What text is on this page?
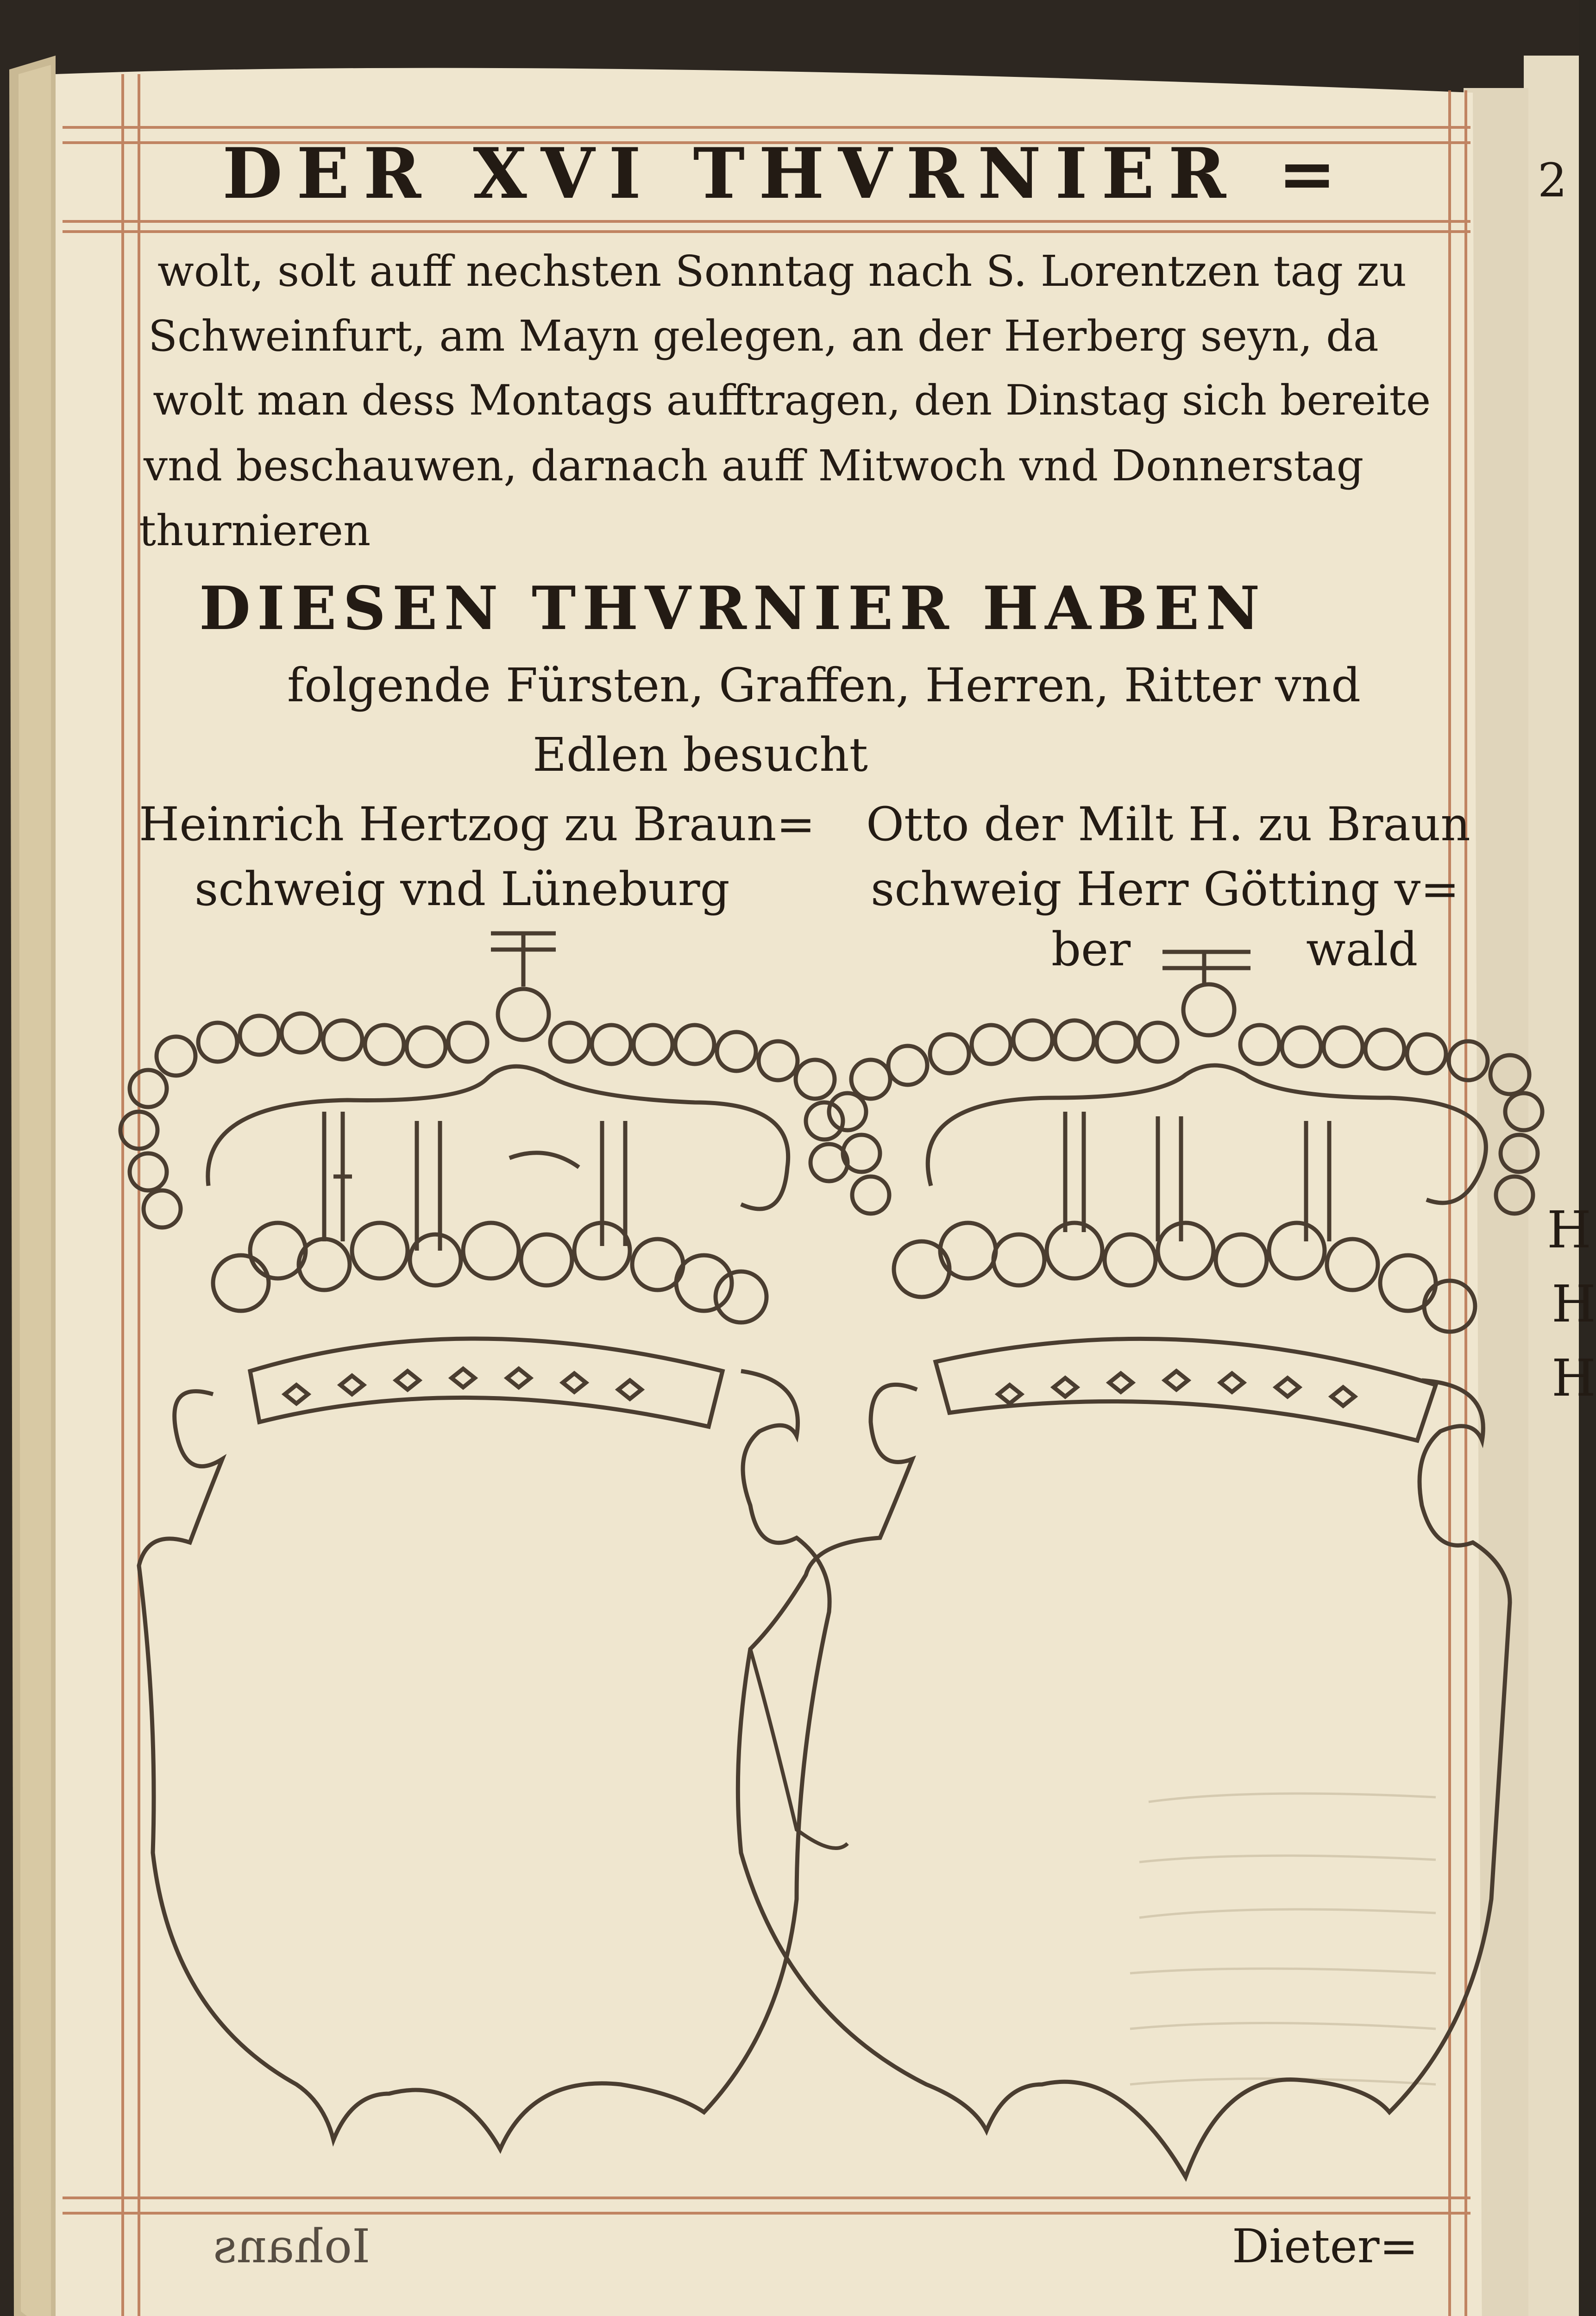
DER XVI THVRNIER =
wolt, solt auff nechsten Sonntag nach S. Lorentzen tag zu
Schweinfurt, am Mayn gelegen, an der Herberg seyn, da
wolt man dess Montags aufftragen, den Dinstag sich bereite
vnd beschauwen, darnach auff Mitwoch vnd Donnerstag
thurnieren
DIESEN THVRNIER HABEN
folgende Fürsten, Graffen, Herren, Ritter vnd
Edlen besucht
Heinrich Hertzog zu Braun=
schweig vnd Lüneburg
Otto der Milt H. zu Braun
schweig Herr Götting v=
ber	wald
Iohans	Dieter=
2
H
H
H
